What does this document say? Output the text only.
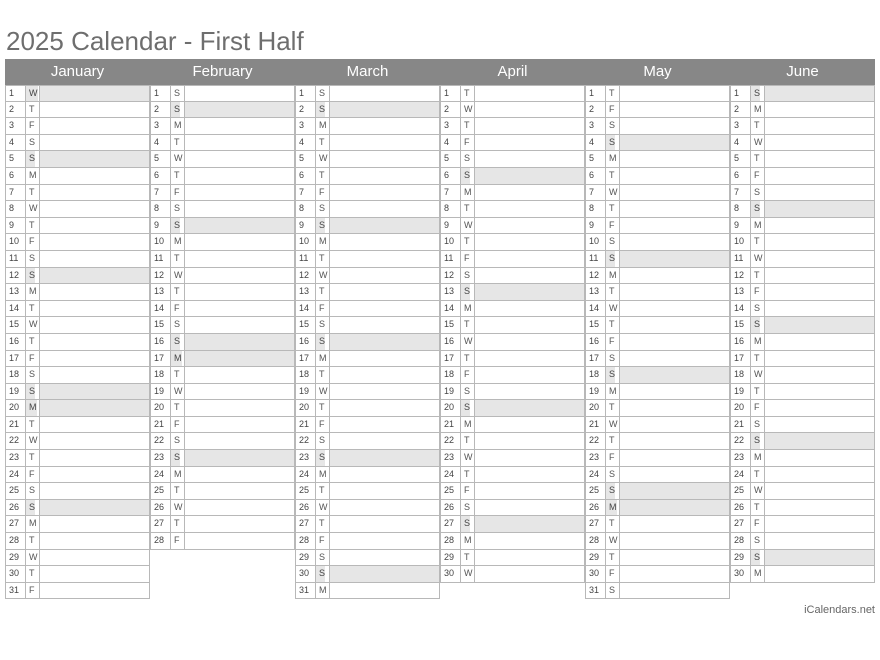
2025 Calendar - First Half
January
1	W
2	T
3	F
4	S
5	S
6	M
7	T
8	W
9	T
10	F
11	S
12	S
13	M
14	T
15	W
16	T
17	F
18	S
19	S
20	M
21	T
22	W
23	T
24	F
25	S
26	S
27	M
28	T
29	W
30	T
31	F
February
1	S
2	S
3	M
4	T
5	W
6	T
7	F
8	S
9	S
10	M
11	T
12	W
13	T
14	F
15	S
16	S
17	M
18	T
19	W
20	T
21	F
22	S
23	S
24	M
25	T
26	W
27	T
28	F
March
1	S
2	S
3	M
4	T
5	W
6	T
7	F
8	S
9	S
10	M
11	T
12	W
13	T
14	F
15	S
16	S
17	M
18	T
19	W
20	T
21	F
22	S
23	S
24	M
25	T
26	W
27	T
28	F
29	S
30	S
31	M
April
1	T
2	W
3	T
4	F
5	S
6	S
7	M
8	T
9	W
10	T
11	F
12	S
13	S
14	M
15	T
16	W
17	T
18	F
19	S
20	S
21	M
22	T
23	W
24	T
25	F
26	S
27	S
28	M
29	T
30	W
May
1	T
2	F
3	S
4	S
5	M
6	T
7	W
8	T
9	F
10	S
11	S
12	M
13	T
14	W
15	T
16	F
17	S
18	S
19	M
20	T
21	W
22	T
23	F
24	S
25	S
26	M
27	T
28	W
29	T
30	F
31	S
June
1	S
2	M
3	T
4	W
5	T
6	F
7	S
8	S
9	M
10	T
11	W
12	T
13	F
14	S
15	S
16	M
17	T
18	W
19	T
20	F
21	S
22	S
23	M
24	T
25	W
26	T
27	F
28	S
29	S
30	M
iCalendars.net
